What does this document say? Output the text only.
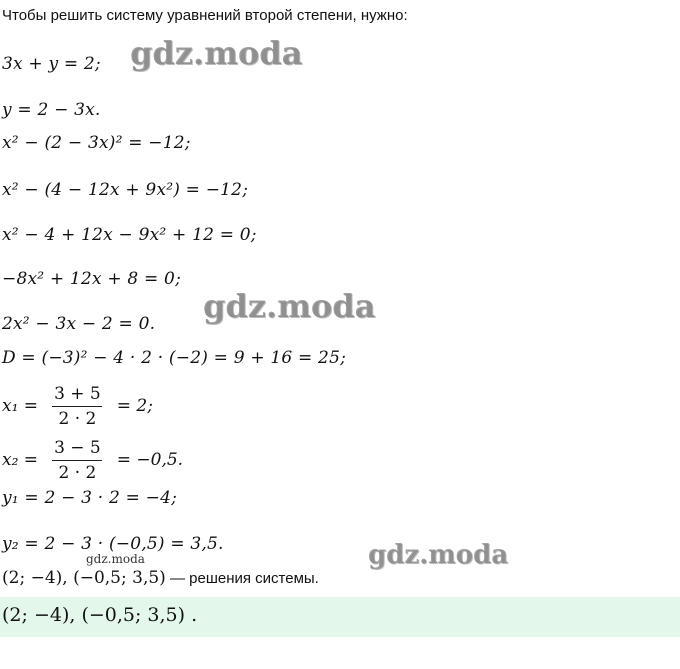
Чтобы решить систему уравнений второй степени, нужно:
3x + y = 2;
y = 2 − 3x.
x² − (2 − 3x)² = −12;
x² − (4 − 12x + 9x²) = −12;
x² − 4 + 12x − 9x² + 12 = 0;
−8x² + 12x + 8 = 0;
2x² − 3x − 2 = 0.
D = (−3)² − 4 · 2 · (−2) = 9 + 16 = 25;
$x_1 = \frac{3 + 5}{2 \cdot 2} = 2$;
$x_2 = \frac{3 - 5}{2 \cdot 2} = -0,5$.
y₁ = 2 − 3 · 2 = −4;
y₂ = 2 − 3 · (−0,5) = 3,5.
(2; −4), (−0,5; 3,5) — решения системы.
(2; −4), (−0,5; 3,5) .
gdz.moda
gdz.moda
gdz.moda
gdz.moda
